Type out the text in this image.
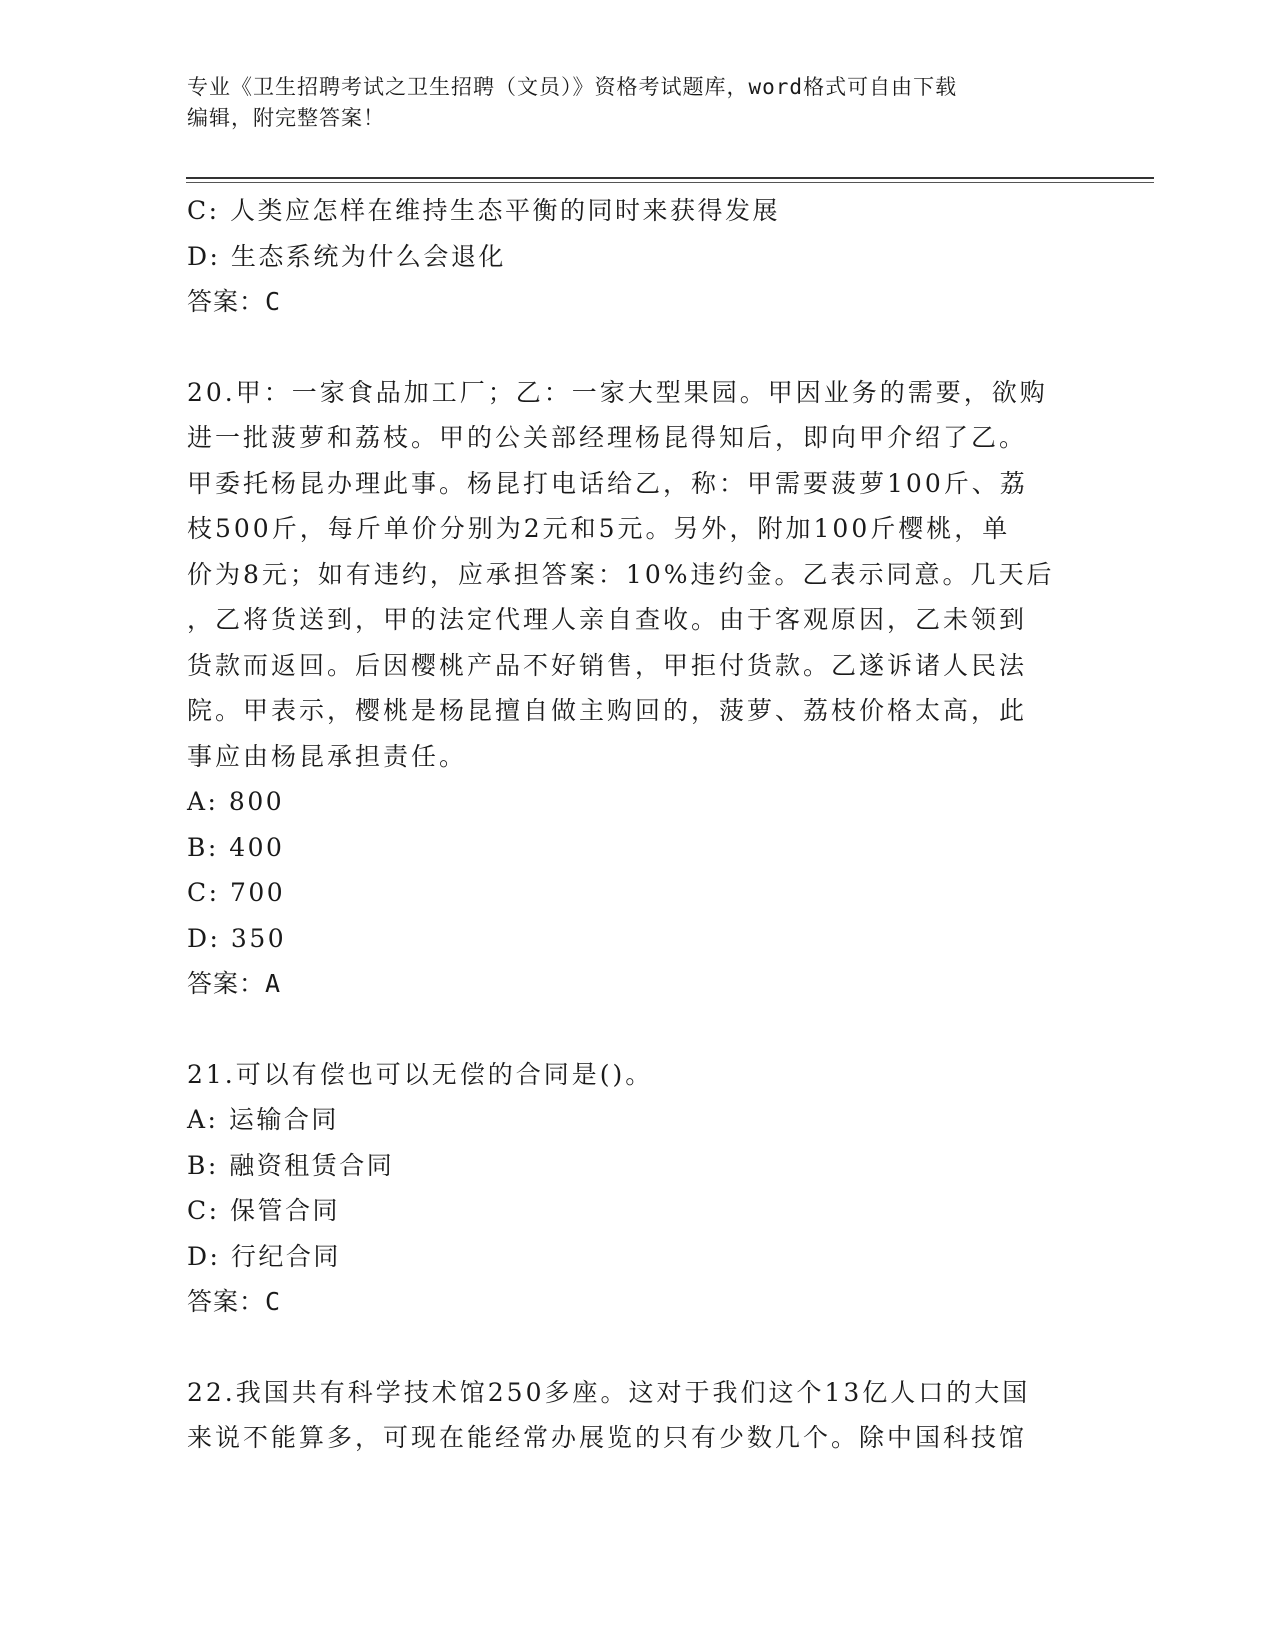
专业《卫生招聘考试之卫生招聘（文员）》资格考试题库，word格式可自由下载
编辑，附完整答案！
C: 人类应怎样在维持生态平衡的同时来获得发展
D: 生态系统为什么会退化
答案：C
20.甲：一家食品加工厂；乙：一家大型果园。甲因业务的需要，欲购
进一批菠萝和荔枝。甲的公关部经理杨昆得知后，即向甲介绍了乙。
甲委托杨昆办理此事。杨昆打电话给乙，称：甲需要菠萝100斤、荔
枝500斤，每斤单价分别为2元和5元。另外，附加100斤樱桃，单
价为8元；如有违约，应承担答案：10%违约金。乙表示同意。几天后
，乙将货送到，甲的法定代理人亲自查收。由于客观原因，乙未领到
货款而返回。后因樱桃产品不好销售，甲拒付货款。乙遂诉诸人民法
院。甲表示，樱桃是杨昆擅自做主购回的，菠萝、荔枝价格太高，此
事应由杨昆承担责任。
A: 800
B: 400
C: 700
D: 350
答案：A
21.可以有偿也可以无偿的合同是()。
A: 运输合同
B: 融资租赁合同
C: 保管合同
D: 行纪合同
答案：C
22.我国共有科学技术馆250多座。这对于我们这个13亿人口的大国
来说不能算多，可现在能经常办展览的只有少数几个。除中国科技馆
